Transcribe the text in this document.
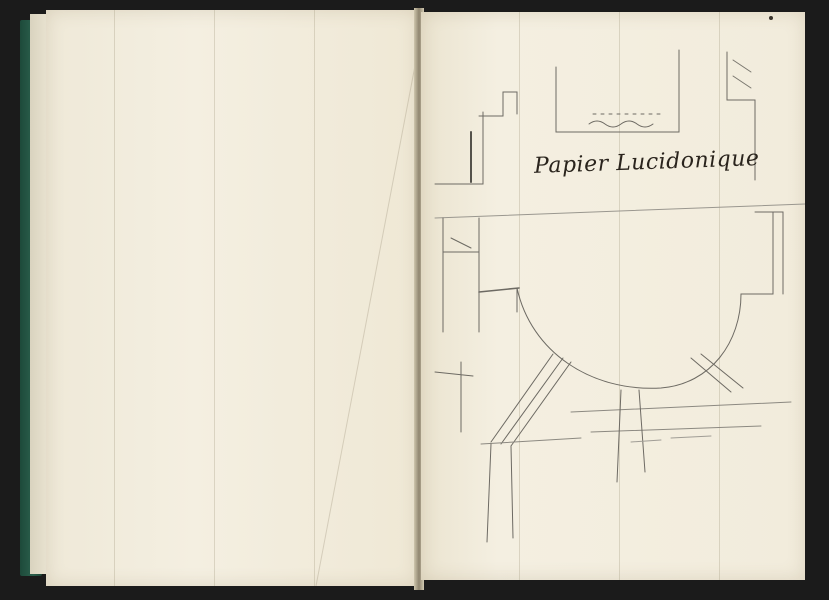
Papier Lucidonique
